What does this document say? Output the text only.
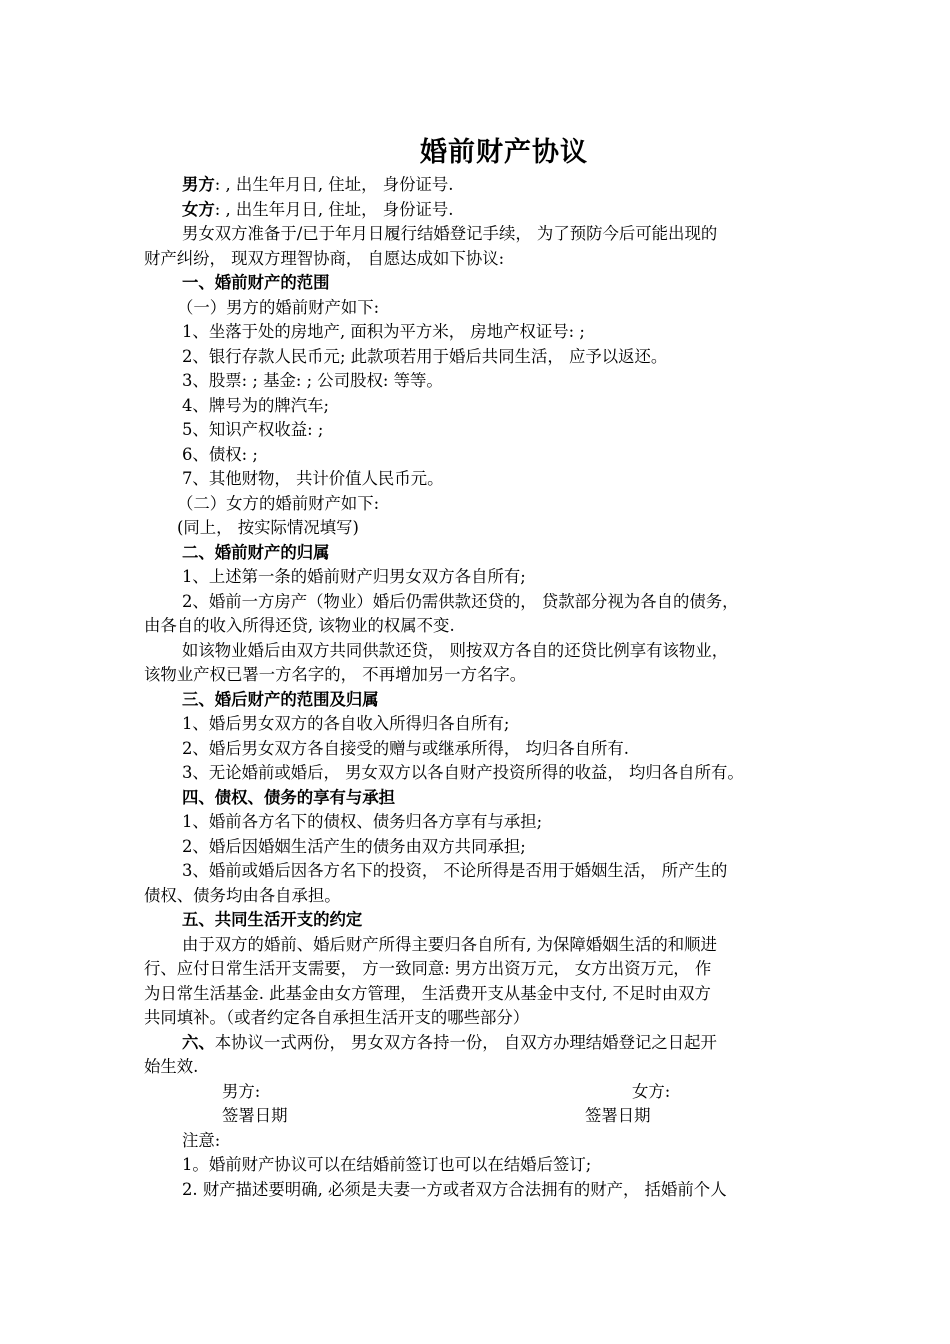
婚前财产协议
男方: , 出生年月日, 住址， 身份证号.
女方: , 出生年月日, 住址， 身份证号.
男女双方准备于/已于年月日履行结婚登记手续， 为了预防今后可能出现的
财产纠纷， 现双方理智协商， 自愿达成如下协议:
一、婚前财产的范围
（一）男方的婚前财产如下:
1、坐落于处的房地产, 面积为平方米， 房地产权证号: ;
2、银行存款人民币元; 此款项若用于婚后共同生活， 应予以返还。
3、股票: ; 基金: ; 公司股权: 等等。
4、牌号为的牌汽车;
5、知识产权收益: ;
6、债权: ;
7、其他财物， 共计价值人民币元。
（二）女方的婚前财产如下:
(同上， 按实际情况填写)
二、婚前财产的归属
1、上述第一条的婚前财产归男女双方各自所有;
2、婚前一方房产（物业）婚后仍需供款还贷的， 贷款部分视为各自的债务，
由各自的收入所得还贷, 该物业的权属不变.
如该物业婚后由双方共同供款还贷， 则按双方各自的还贷比例享有该物业，
该物业产权已署一方名字的， 不再增加另一方名字。
三、婚后财产的范围及归属
1、婚后男女双方的各自收入所得归各自所有;
2、婚后男女双方各自接受的赠与或继承所得， 均归各自所有.
3、无论婚前或婚后， 男女双方以各自财产投资所得的收益， 均归各自所有。
四、债权、债务的享有与承担
1、婚前各方名下的债权、债务归各方享有与承担;
2、婚后因婚姻生活产生的债务由双方共同承担;
3、婚前或婚后因各方名下的投资， 不论所得是否用于婚姻生活， 所产生的
债权、债务均由各自承担。
五、共同生活开支的约定
由于双方的婚前、婚后财产所得主要归各自所有, 为保障婚姻生活的和顺进
行、应付日常生活开支需要， 方一致同意: 男方出资万元， 女方出资万元， 作
为日常生活基金. 此基金由女方管理， 生活费开支从基金中支付, 不足时由双方
共同填补。（或者约定各自承担生活开支的哪些部分）
六、本协议一式两份， 男女双方各持一份， 自双方办理结婚登记之日起开
始生效.
男方:	女方:
签署日期	签署日期
注意:
1。婚前财产协议可以在结婚前签订也可以在结婚后签订;
2. 财产描述要明确, 必须是夫妻一方或者双方合法拥有的财产， 括婚前个人
